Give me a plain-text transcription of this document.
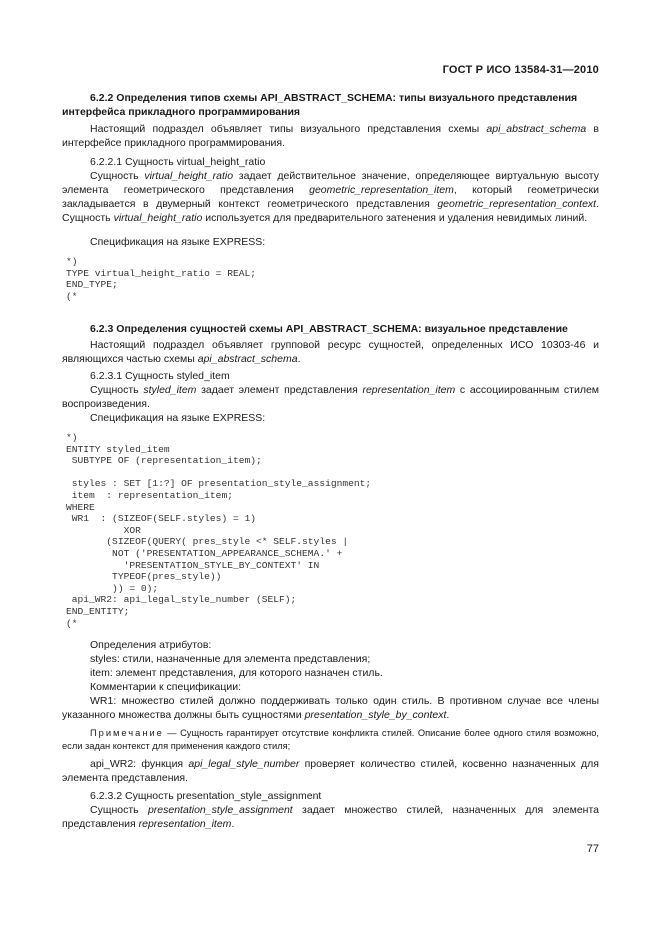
ГОСТ Р ИСО 13584-31—2010

6.2.2 Определения типов схемы API_ABSTRACT_SCHEMA: типы визуального представления интерфейса прикладного программирования

Настоящий подраздел объявляет типы визуального представления схемы api_abstract_schema в интерфейсе прикладного программирования.

6.2.2.1 Сущность virtual_height_ratio

Сущность virtual_height_ratio задает действительное значение, определяющее виртуальную высоту элемента геометрического представления geometric_representation_item, который геометрически закладывается в двумерный контекст геометрического представления geometric_representation_context. Сущность virtual_height_ratio используется для предварительного затенения и удаления невидимых линий.

Спецификация на языке EXPRESS:

*)
TYPE virtual_height_ratio = REAL;
END_TYPE;
(*

6.2.3 Определения сущностей схемы API_ABSTRACT_SCHEMA: визуальное представление

Настоящий подраздел объявляет групповой ресурс сущностей, определенных ИСО 10303-46 и являющихся частью схемы api_abstract_schema.

6.2.3.1 Сущность styled_item

Сущность styled_item задает элемент представления representation_item с ассоциированным стилем воспроизведения.

Спецификация на языке EXPRESS:

*)
ENTITY styled_item
SUBTYPE OF (representation_item);

styles : SET [1:?] OF presentation_style_assignment;
item  : representation_item;
WHERE
WR1  : (SIZEOF(SELF.styles) = 1)
XOR
(SIZEOF(QUERY( pres_style <* SELF.styles |
NOT ('PRESENTATION_APPEARANCE_SCHEMA.' +
'PRESENTATION_STYLE_BY_CONTEXT' IN
TYPEOF(pres_style))
)) = 0);
api_WR2: api_legal_style_number (SELF);
END_ENTITY;
(*

Определения атрибутов:

styles: стили, назначенные для элемента представления;

item: элемент представления, для которого назначен стиль.

Комментарии к спецификации:

WR1: множество стилей должно поддерживать только один стиль. В противном случае все члены указанного множества должны быть сущностями presentation_style_by_context.

Примечание — Сущность гарантирует отсутствие конфликта стилей. Описание более одного стиля возможно, если задан контекст для применения каждого стиля;

api_WR2: функция api_legal_style_number проверяет количество стилей, косвенно назначенных для элемента представления.

6.2.3.2 Сущность presentation_style_assignment

Сущность presentation_style_assignment задает множество стилей, назначенных для элемента представления representation_item.

77
